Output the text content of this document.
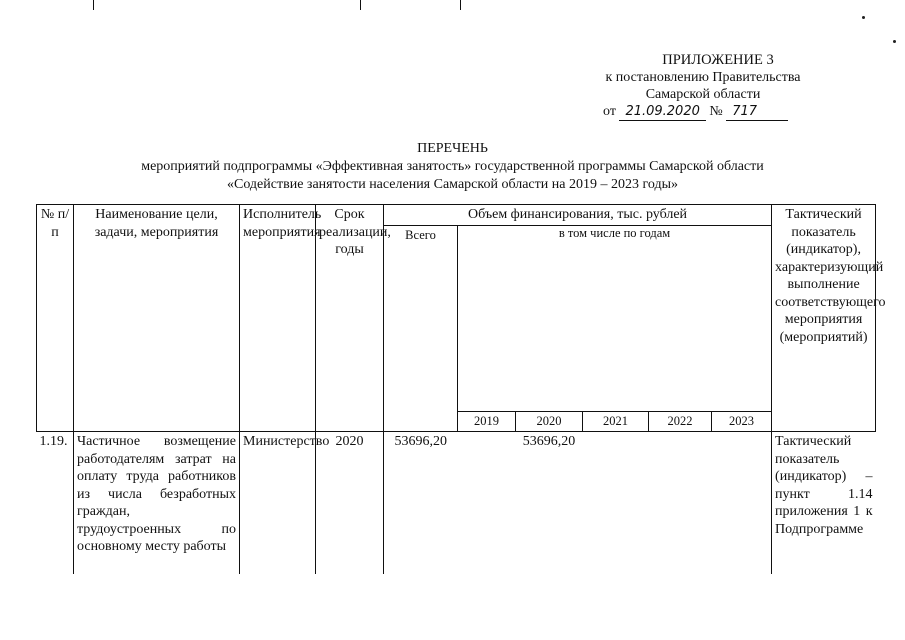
ПРИЛОЖЕНИЕ 3
к постановлению Правительства
Самарской области
от 21.09.2020 № 717
ПЕРЕЧЕНЬ
мероприятий подпрограммы «Эффективная занятость» государственной программы Самарской области
«Содействие занятости населения Самарской области на 2019 – 2023 годы»
№ п/п	Наименование цели, задачи, мероприятия	Исполнитель мероприятия	Срок реализации, годы	Объем финансирования, тыс. рублей						Тактический показатель (индикатор), характеризующий выполнение соответствующего мероприятия (мероприятий)
				Всего	в том числе по годам					
					2019	2020	2021	2022	2023	
1.19.	Частичное возмещение работодателям затрат на оплату труда работников из числа безработных граждан, трудоустроенных по основному месту работы	Министерство	2020	53696,20		53696,20				Тактический показатель (индикатор) – пункт 1.14 приложения 1 к Подпрограмме
